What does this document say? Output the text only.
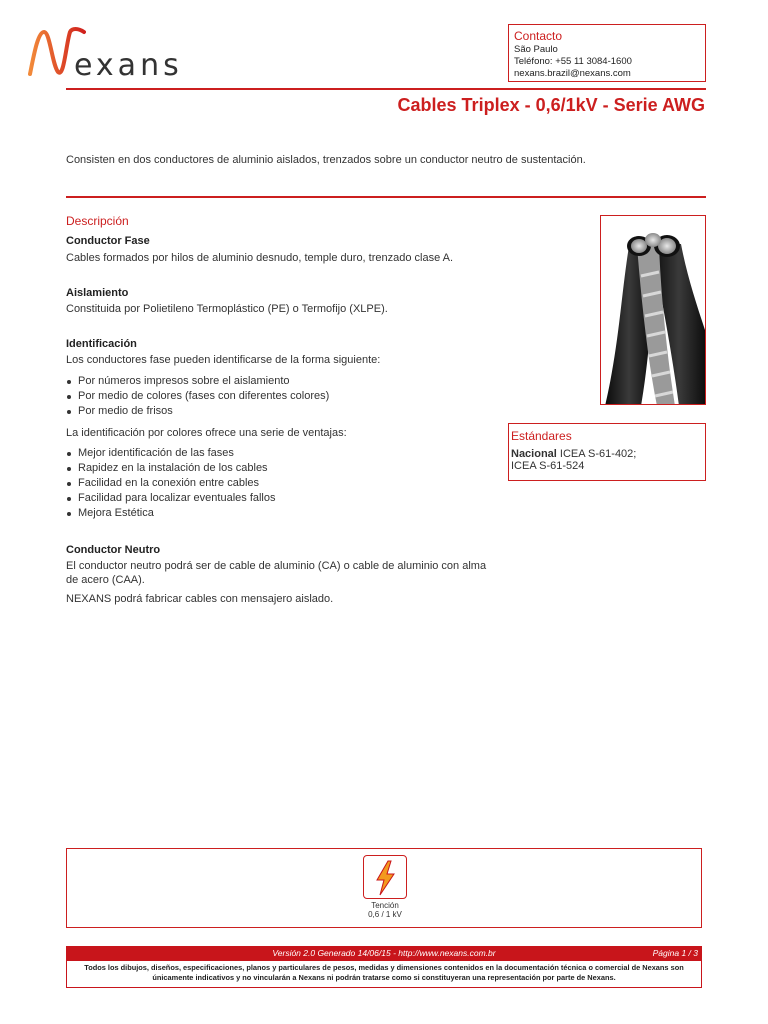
exans
Contacto
São Paulo
Teléfono: +55 11 3084-1600
nexans.brazil@nexans.com
Cables Triplex - 0,6/1kV - Serie AWG
Consisten en dos conductores de aluminio aislados, trenzados sobre un conductor neutro de sustentación.
Descripción
Conductor Fase
Cables formados por hilos de aluminio desnudo, temple duro, trenzado clase A.
Aislamiento
Constituida por Polietileno Termoplástico (PE) o Termofijo (XLPE).
Identificación
Los conductores fase pueden identificarse de la forma siguiente:
Por números impresos sobre el aislamiento
Por medio de colores (fases con diferentes colores)
Por medio de frisos
La identificación por colores ofrece una serie de ventajas:
Mejor identificación de las fases
Rapidez en la instalación de los cables
Facilidad en la conexión entre cables
Facilidad para localizar eventuales fallos
Mejora Estética
Conductor Neutro
El conductor neutro podrá ser de cable de aluminio (CA) o cable de aluminio con alma de acero (CAA).
NEXANS podrá fabricar cables con mensajero aislado.
Estándares
Nacional ICEA S-61-402;
ICEA S-61-524
Tención
0,6 / 1 kV
Versión 2.0 Generado 14/06/15 - http://www.nexans.com.br	Página 1 / 3
Todos los dibujos, diseños, especificaciones, planos y particulares de pesos, medidas y dimensiones contenidos en la documentación técnica o comercial de Nexans son únicamente indicativos y no vincularán a Nexans ni podrán tratarse como si constituyeran una representación por parte de Nexans.
